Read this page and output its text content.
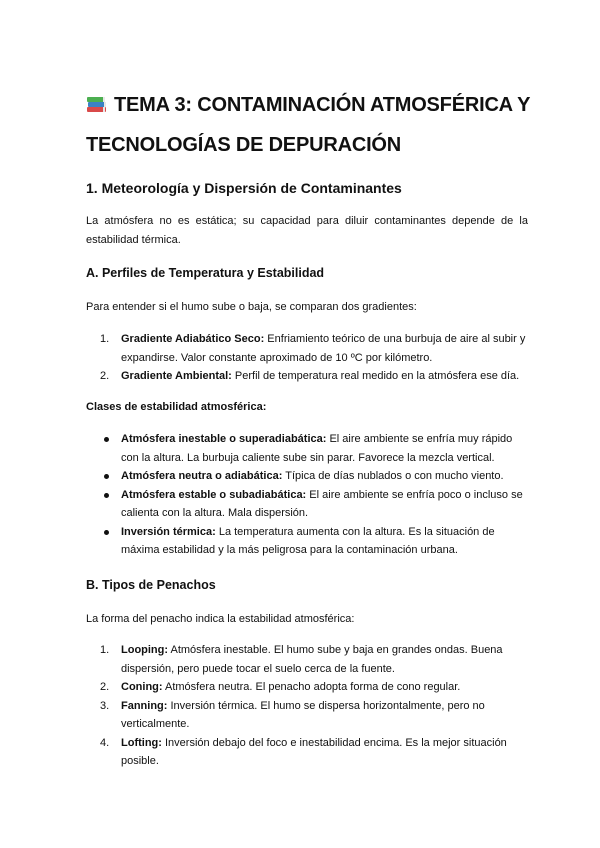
TEMA 3: CONTAMINACIÓN ATMOSFÉRICA Y
TECNOLOGÍAS DE DEPURACIÓN
1. Meteorología y Dispersión de Contaminantes

La atmósfera no es estática; su capacidad para diluir contaminantes depende de la estabilidad térmica.

A. Perfiles de Temperatura y Estabilidad

Para entender si el humo sube o baja, se comparan dos gradientes:

1. Gradiente Adiabático Seco: Enfriamiento teórico de una burbuja de aire al subir y expandirse. Valor constante aproximado de 10 ºC por kilómetro.
2. Gradiente Ambiental: Perfil de temperatura real medido en la atmósfera ese día.

Clases de estabilidad atmosférica:

Atmósfera inestable o superadiabática: El aire ambiente se enfría muy rápido con la altura. La burbuja caliente sube sin parar. Favorece la mezcla vertical.
Atmósfera neutra o adiabática: Típica de días nublados o con mucho viento.
Atmósfera estable o subadiabática: El aire ambiente se enfría poco o incluso se calienta con la altura. Mala dispersión.
Inversión térmica: La temperatura aumenta con la altura. Es la situación de máxima estabilidad y la más peligrosa para la contaminación urbana.
B. Tipos de Penachos

La forma del penacho indica la estabilidad atmosférica:

1. Looping: Atmósfera inestable. El humo sube y baja en grandes ondas. Buena dispersión, pero puede tocar el suelo cerca de la fuente.
2. Coning: Atmósfera neutra. El penacho adopta forma de cono regular.
3. Fanning: Inversión térmica. El humo se dispersa horizontalmente, pero no verticalmente.
4. Lofting: Inversión debajo del foco e inestabilidad encima. Es la mejor situación posible.
